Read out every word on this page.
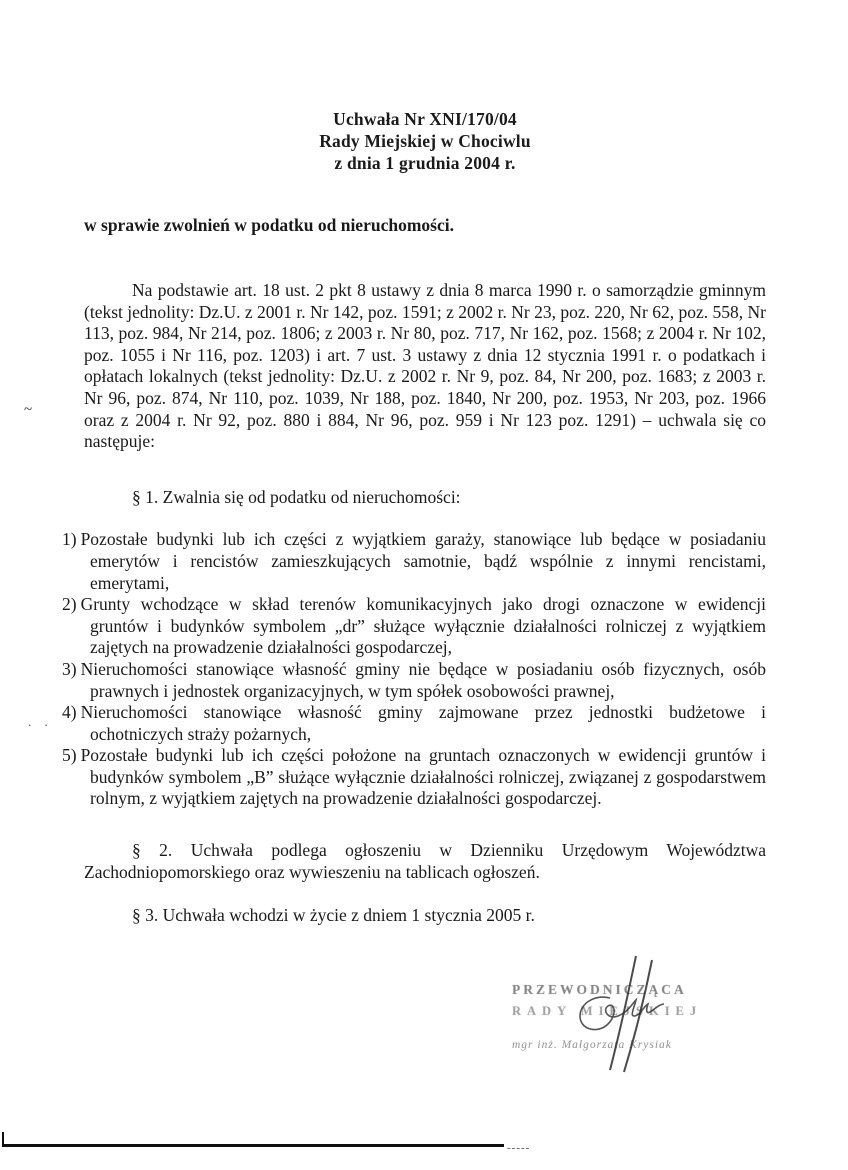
Uchwała Nr XNI/170/04
Rady Miejskiej w Chociwlu
z dnia 1 grudnia 2004 r.
w sprawie zwolnień w podatku od nieruchomości.
Na podstawie art. 18 ust. 2 pkt 8 ustawy z dnia 8 marca 1990 r. o samorządzie gminnym (tekst jednolity: Dz.U. z 2001 r. Nr 142, poz. 1591; z 2002 r. Nr 23, poz. 220, Nr 62, poz. 558, Nr 113, poz. 984, Nr 214, poz. 1806; z 2003 r. Nr 80, poz. 717, Nr 162, poz. 1568; z 2004 r. Nr 102, poz. 1055 i Nr 116, poz. 1203) i art. 7 ust. 3 ustawy z dnia 12 stycznia 1991 r. o podatkach i opłatach lokalnych (tekst jednolity: Dz.U. z 2002 r. Nr 9, poz. 84, Nr 200, poz. 1683; z 2003 r. Nr 96, poz. 874, Nr 110, poz. 1039, Nr 188, poz. 1840, Nr 200, poz. 1953, Nr 203, poz. 1966 oraz z 2004 r. Nr 92, poz. 880 i 884, Nr 96, poz. 959 i Nr 123 poz. 1291) – uchwala się co następuje:
§ 1. Zwalnia się od podatku od nieruchomości:
1) Pozostałe budynki lub ich części z wyjątkiem garaży, stanowiące lub będące w posiadaniu emerytów i rencistów zamieszkujących samotnie, bądź wspólnie z innymi rencistami, emerytami,
2) Grunty wchodzące w skład terenów komunikacyjnych jako drogi oznaczone w ewidencji gruntów i budynków symbolem „dr” służące wyłącznie działalności rolniczej z wyjątkiem zajętych na prowadzenie działalności gospodarczej,
3) Nieruchomości stanowiące własność gminy nie będące w posiadaniu osób fizycznych, osób prawnych i jednostek organizacyjnych, w tym spółek osobowości prawnej,
4) Nieruchomości stanowiące własność gminy zajmowane przez jednostki budżetowe i ochotniczych straży pożarnych,
5) Pozostałe budynki lub ich części położone na gruntach oznaczonych w ewidencji gruntów i budynków symbolem „B” służące wyłącznie działalności rolniczej, związanej z gospodarstwem rolnym, z wyjątkiem zajętych na prowadzenie działalności gospodarczej.
§ 2. Uchwała podlega ogłoszeniu w Dzienniku Urzędowym Województwa Zachodniopomorskiego oraz wywieszeniu na tablicach ogłoszeń.
§ 3. Uchwała wchodzi w życie z dniem 1 stycznia 2005 r.
~
. .
PRZEWODNICZĄCA
RADY MIEJSKIEJ
mgr inż. Małgorzata Krysiak
-----
